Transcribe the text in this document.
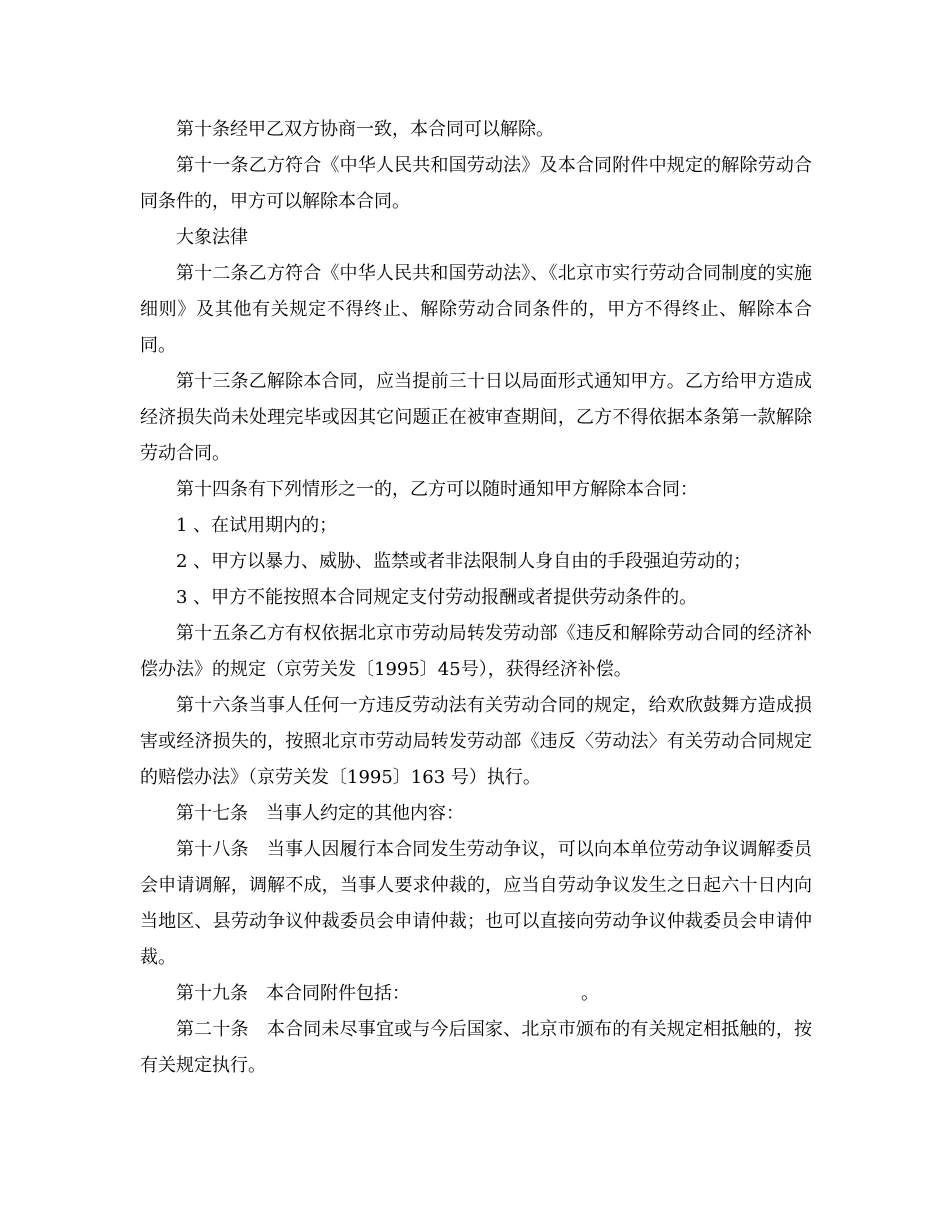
第十条经甲乙双方协商一致，本合同可以解除。

第十一条乙方符合《中华人民共和国劳动法》及本合同附件中规定的解除劳动合同条件的，甲方可以解除本合同。

大象法律

第十二条乙方符合《中华人民共和国劳动法》、《北京市实行劳动合同制度的实施细则》及其他有关规定不得终止、解除劳动合同条件的，甲方不得终止、解除本合同。

第十三条乙解除本合同，应当提前三十日以局面形式通知甲方。乙方给甲方造成经济损失尚未处理完毕或因其它问题正在被审查期间，乙方不得依据本条第一款解除劳动合同。

第十四条有下列情形之一的，乙方可以随时通知甲方解除本合同：

1 、在试用期内的；

2 、甲方以暴力、威胁、监禁或者非法限制人身自由的手段强迫劳动的；

3 、甲方不能按照本合同规定支付劳动报酬或者提供劳动条件的。

第十五条乙方有权依据北京市劳动局转发劳动部《违反和解除劳动合同的经济补偿办法》的规定（京劳关发〔1995〕45号），获得经济补偿。

第十六条当事人任何一方违反劳动法有关劳动合同的规定，给欢欣鼓舞方造成损害或经济损失的，按照北京市劳动局转发劳动部《违反〈劳动法〉有关劳动合同规定的赔偿办法》（京劳关发〔1995〕163 号）执行。

第十七条　当事人约定的其他内容：

第十八条　当事人因履行本合同发生劳动争议，可以向本单位劳动争议调解委员会申请调解，调解不成，当事人要求仲裁的，应当自劳动争议发生之日起六十日内向当地区、县劳动争议仲裁委员会申请仲裁；也可以直接向劳动争议仲裁委员会申请仲裁。

第十九条　本合同附件包括：　　　　　　　　　　。

第二十条　本合同未尽事宜或与今后国家、北京市颁布的有关规定相抵触的，按有关规定执行。
